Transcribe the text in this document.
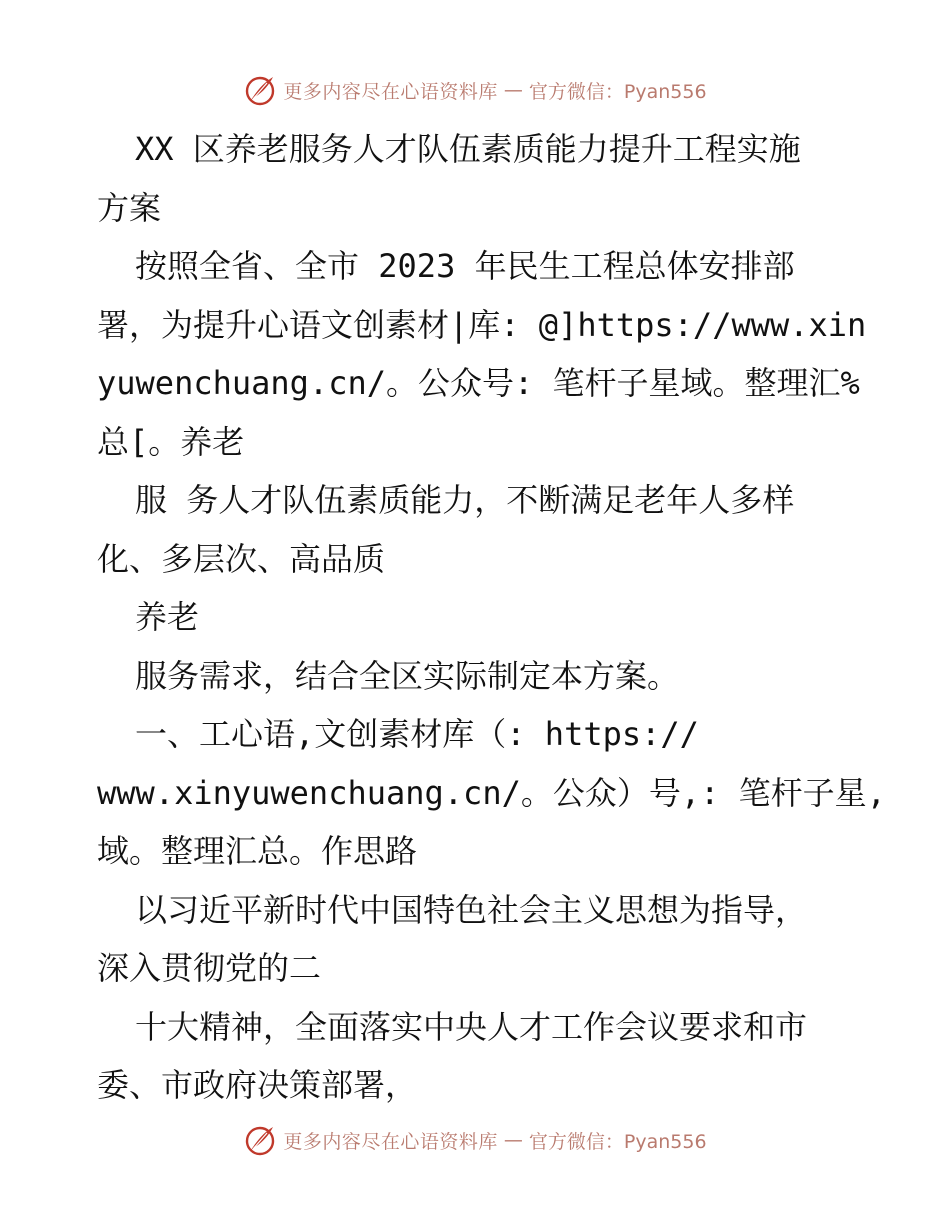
更多内容尽在心语资料库 — 官方微信：Pyan556
XX 区养老服务人才队伍素质能力提升工程实施
方案
按照全省、全市 2023 年民生工程总体安排部
署，为提升心语文创素材|库: @]https://www.xin
yuwenchuang.cn/。公众号: 笔杆子星域。整理汇%
总[。养老
服 务人才队伍素质能力，不断满足老年人多样
化、多层次、高品质
养老
服务需求，结合全区实际制定本方案。
一、工心语,文创素材库（: https://
www.xinyuwenchuang.cn/。公众）号,: 笔杆子星,
域。整理汇总。作思路
以习近平新时代中国特色社会主义思想为指导，
深入贯彻党的二
十大精神，全面落实中央人才工作会议要求和市
委、市政府决策部署，
更多内容尽在心语资料库 — 官方微信：Pyan556
